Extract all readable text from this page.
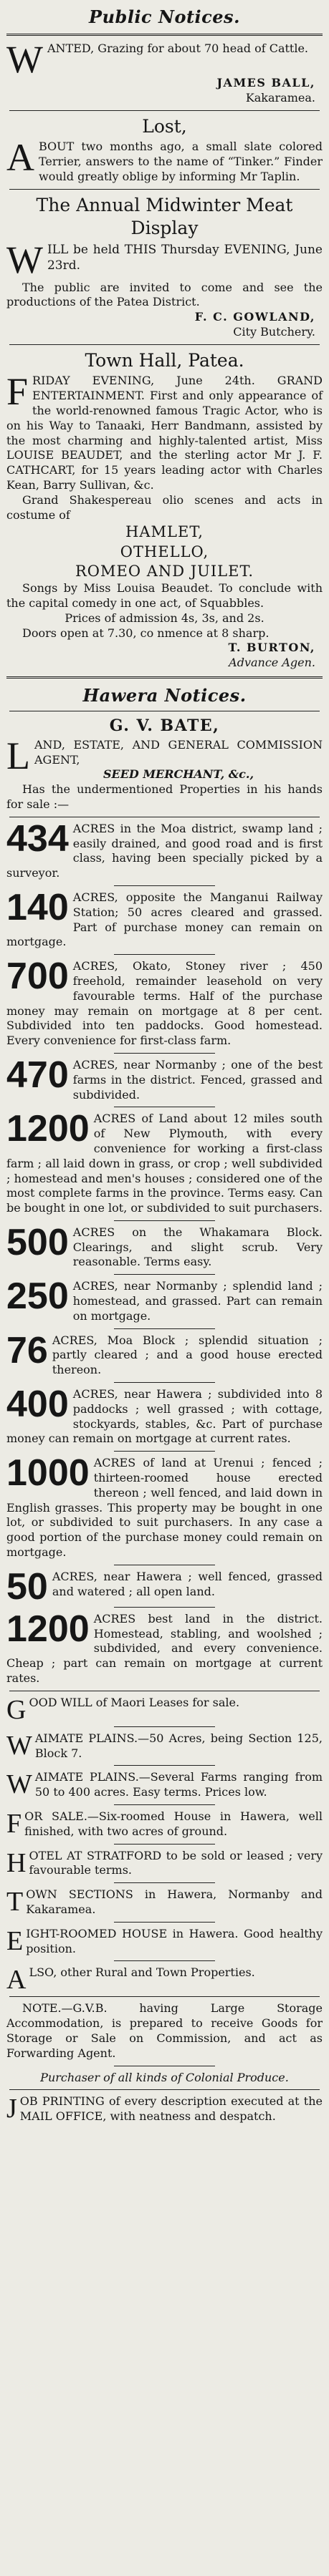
Public Notices.
W ANTED, Grazing for about 70 head of Cattle.

JAMES BALL,

Kakaramea.

Lost,
A BOUT two months ago, a small slate colored Terrier, answers to the name of “Tinker.” Finder would greatly oblige by informing Mr Taplin.

The Annual Midwinter Meat
Display
W ILL be held THIS Thursday EVENING, June 23rd.

The public are invited to come and see the productions of the Patea District.

F. C. GOWLAND,

City Butchery.

Town Hall, Patea.
F RIDAY EVENING, June 24th. GRAND ENTERTAINMENT. First and only appearance of the world-renowned famous Tragic Actor, who is on his Way to Tanaaki, Herr Bandmann, assisted by the most charming and highly-talented artist, Miss LOUISE BEAUDET, and the sterling actor Mr J. F. CATHCART, for 15 years leading actor with Charles Kean, Barry Sullivan, &c.

Grand Shakespereau olio scenes and acts in costume of

HAMLET,

OTHELLO,

ROMEO AND JUILET.

Songs by Miss Louisa Beaudet. To conclude with the capital comedy in one act, of Squabbles.

Prices of admission 4s, 3s, and 2s.

Doors open at 7.30, co nmence at 8 sharp.

T. BURTON,

Advance Agen.

Hawera Notices.
G. V. BATE,
L AND, ESTATE, AND GENERAL COMMISSION AGENT,

SEED MERCHANT, &c.,

Has the undermentioned Properties in his hands for sale :—

434 ACRES in the Moa district, swamp land ; easily drained, and good road and is first class, having been specially picked by a surveyor.

140 ACRES, opposite the Manganui Railway Station; 50 acres cleared and grassed. Part of purchase money can remain on mortgage.

700 ACRES, Okato, Stoney river ; 450 freehold, remainder leasehold on very favourable terms. Half of the purchase money may remain on mortgage at 8 per cent. Subdivided into ten paddocks. Good homestead. Every convenience for first-class farm.

470 ACRES, near Normanby ; one of the best farms in the district. Fenced, grassed and subdivided.

1200 ACRES of Land about 12 miles south of New Plymouth, with every convenience for working a first-class farm ; all laid down in grass, or crop ; well subdivided ; homestead and men's houses ; considered one of the most complete farms in the province. Terms easy. Can be bought in one lot, or subdivided to suit purchasers.

500 ACRES on the Whakamara Block. Clearings, and slight scrub. Very reasonable. Terms easy.

250 ACRES, near Normanby ; splendid land ; homestead, and grassed. Part can remain on mortgage.

76 ACRES, Moa Block ; splendid situation ; partly cleared ; and a good house erected thereon.

400 ACRES, near Hawera ; subdivided into 8 paddocks ; well grassed ; with cottage, stockyards, stables, &c. Part of purchase money can remain on mortgage at current rates.

1000 ACRES of land at Urenui ; fenced ; thirteen-roomed house erected thereon ; well fenced, and laid down in English grasses. This property may be bought in one lot, or subdivided to suit purchasers. In any case a good portion of the purchase money could remain on mortgage.

50 ACRES, near Hawera ; well fenced, grassed and watered ; all open land.

1200 ACRES best land in the district. Homestead, stabling, and woolshed ; subdivided, and every convenience. Cheap ; part can remain on mortgage at current rates.

G OOD WILL of Maori Leases for sale.

W AIMATE PLAINS.—50 Acres, being Section 125, Block 7.

W AIMATE PLAINS.—Several Farms ranging from 50 to 400 acres. Easy terms. Prices low.

F OR SALE.—Six-roomed House in Hawera, well finished, with two acres of ground.

H OTEL AT STRATFORD to be sold or leased ; very favourable terms.

T OWN SECTIONS in Hawera, Normanby and Kakaramea.

E IGHT-ROOMED HOUSE in Hawera. Good healthy position.

A LSO, other Rural and Town Properties.

NOTE.—G.V.B. having Large Storage Accommodation, is prepared to receive Goods for Storage or Sale on Commission, and act as Forwarding Agent.

Purchaser of all kinds of Colonial Produce.

J OB PRINTING of every description executed at the MAIL OFFICE, with neatness and despatch.
